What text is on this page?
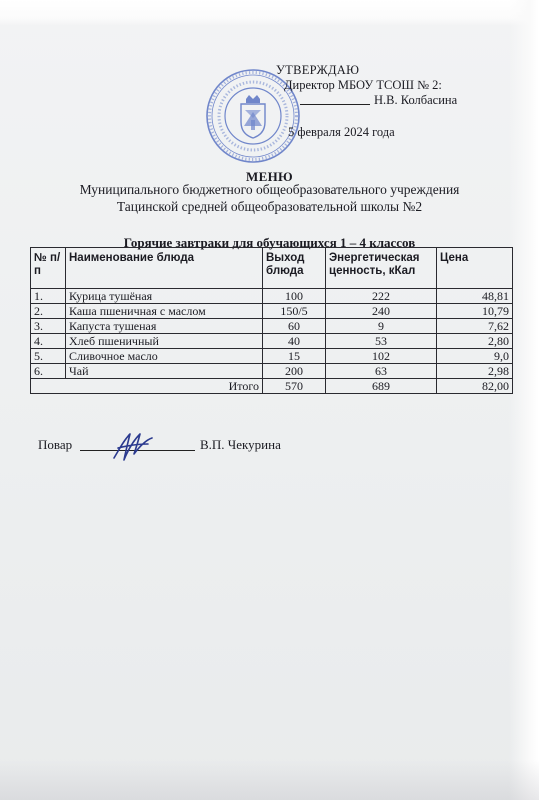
УТВЕРЖДАЮ
Директор МБОУ ТСОШ № 2:
Н.В. Колбасина
5 февраля 2024 года
МЕНЮ
Муниципального бюджетного общеобразовательного учреждения
Тацинской средней общеобразовательной школы №2
Горячие завтраки для обучающихся 1 – 4 классов
№ п/п	Наименование блюда	Выход блюда	Энергетическая ценность, кКал	Цена
1.	Курица тушёная	100	222	48,81
2.	Каша пшеничная с маслом	150/5	240	10,79
3.	Капуста тушеная	60	9	7,62
4.	Хлеб пшеничный	40	53	2,80
5.	Сливочное масло	15	102	9,0
6.	Чай	200	63	2,98
Итого		570	689	82,00
Повар	В.П. Чекурина
